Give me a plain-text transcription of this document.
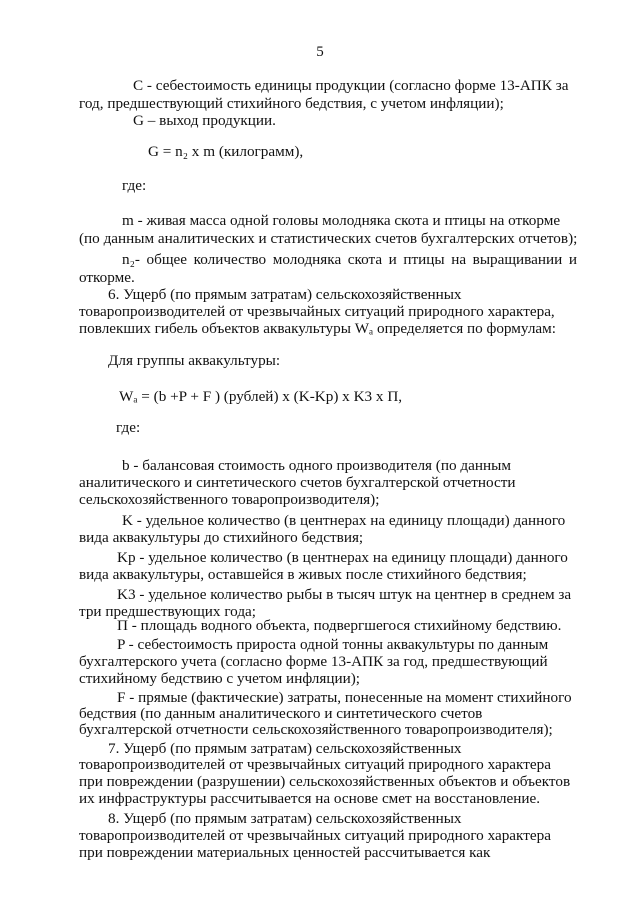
5
С - себестоимость единицы продукции (согласно форме 13-АПК за
год, предшествующий стихийного бедствия, с учетом инфляции);
G – выход продукции.
G = n₂ x m (килограмм),
где:
m - живая масса одной головы молодняка скота и птицы на откорме
(по данным аналитических и статистических счетов бухгалтерских отчетов);
n₂- общее количество молодняка скота и птицы на выращивании и
откорме.
6. Ущерб (по прямым затратам) сельскохозяйственных
товаропроизводителей от чрезвычайных ситуаций природного характера,
повлекших гибель объектов аквакультуры Wₐ определяется по формулам:
Для группы аквакультуры:
Wₐ = (b +P + F ) (рублей) x (K-Kp) x K3 x П,
где:
b - балансовая стоимость одного производителя (по данным
аналитического и синтетического счетов бухгалтерской отчетности
сельскохозяйственного товаропроизводителя);
K - удельное количество (в центнерах на единицу площади) данного
вида аквакультуры до стихийного бедствия;
Kp - удельное количество (в центнерах на единицу площади) данного
вида аквакультуры, оставшейся в живых после стихийного бедствия;
K3 - удельное количество рыбы в тысяч штук на центнер в среднем за
три предшествующих года;
П - площадь водного объекта, подвергшегося стихийному бедствию.
P - себестоимость прироста одной тонны аквакультуры по данным
бухгалтерского учета (согласно форме 13-АПК за год, предшествующий
стихийному бедствию с учетом инфляции);
F - прямые (фактические) затраты, понесенные на момент стихийного
бедствия (по данным аналитического и синтетического счетов
бухгалтерской отчетности сельскохозяйственного товаропроизводителя);
7. Ущерб (по прямым затратам) сельскохозяйственных
товаропроизводителей от чрезвычайных ситуаций природного характера
при повреждении (разрушении) сельскохозяйственных объектов и объектов
их инфраструктуры рассчитывается на основе смет на восстановление.
8. Ущерб (по прямым затратам) сельскохозяйственных
товаропроизводителей от чрезвычайных ситуаций природного характера
при повреждении материальных ценностей рассчитывается как
